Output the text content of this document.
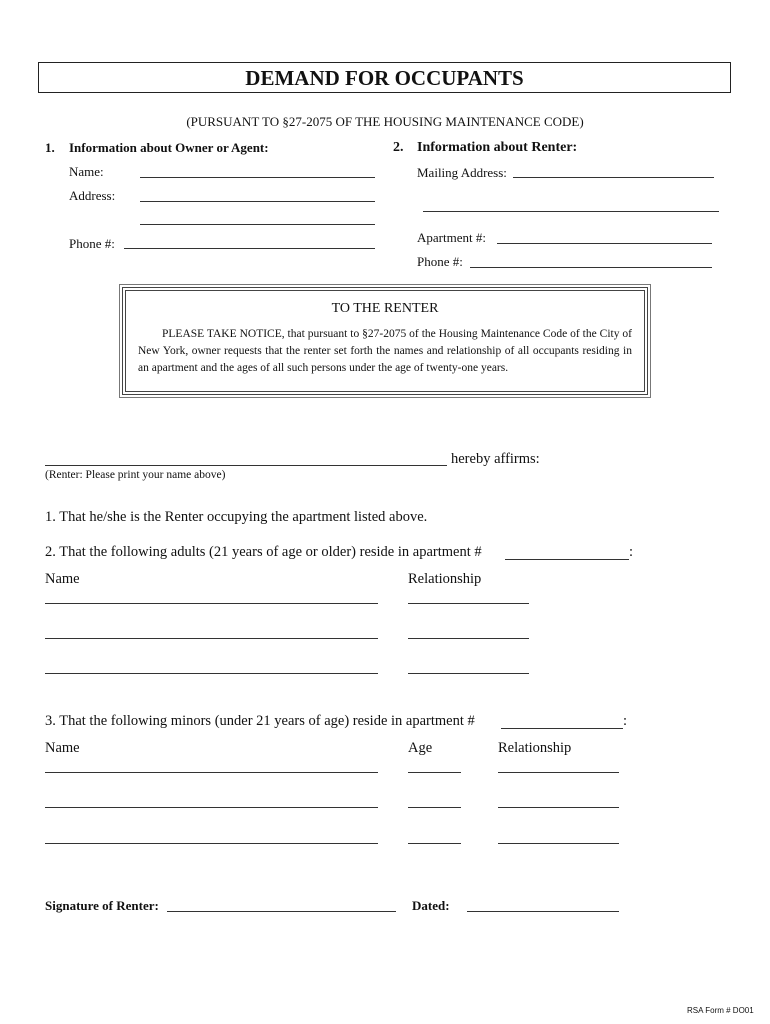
DEMAND FOR OCCUPANTS
(PURSUANT TO §27-2075 OF THE HOUSING MAINTENANCE CODE)
1. Information about Owner or Agent:
Name:
Address:
Phone #:
2. Information about Renter:
Mailing Address:
Apartment #:
Phone #:
TO THE RENTER
PLEASE TAKE NOTICE, that pursuant to §27-2075 of the Housing Maintenance Code of the City of New York, owner requests that the renter set forth the names and relationship of all occupants residing in an apartment and the ages of all such persons under the age of twenty-one years.
hereby affirms:
(Renter: Please print your name above)
1. That he/she is the Renter occupying the apartment listed above.
2. That the following adults (21 years of age or older) reside in apartment #	:
Name	Relationship
3. That the following minors (under 21 years of age) reside in apartment #	:
Name	Age	Relationship
Signature of Renter:	Dated:
RSA Form # DO01
